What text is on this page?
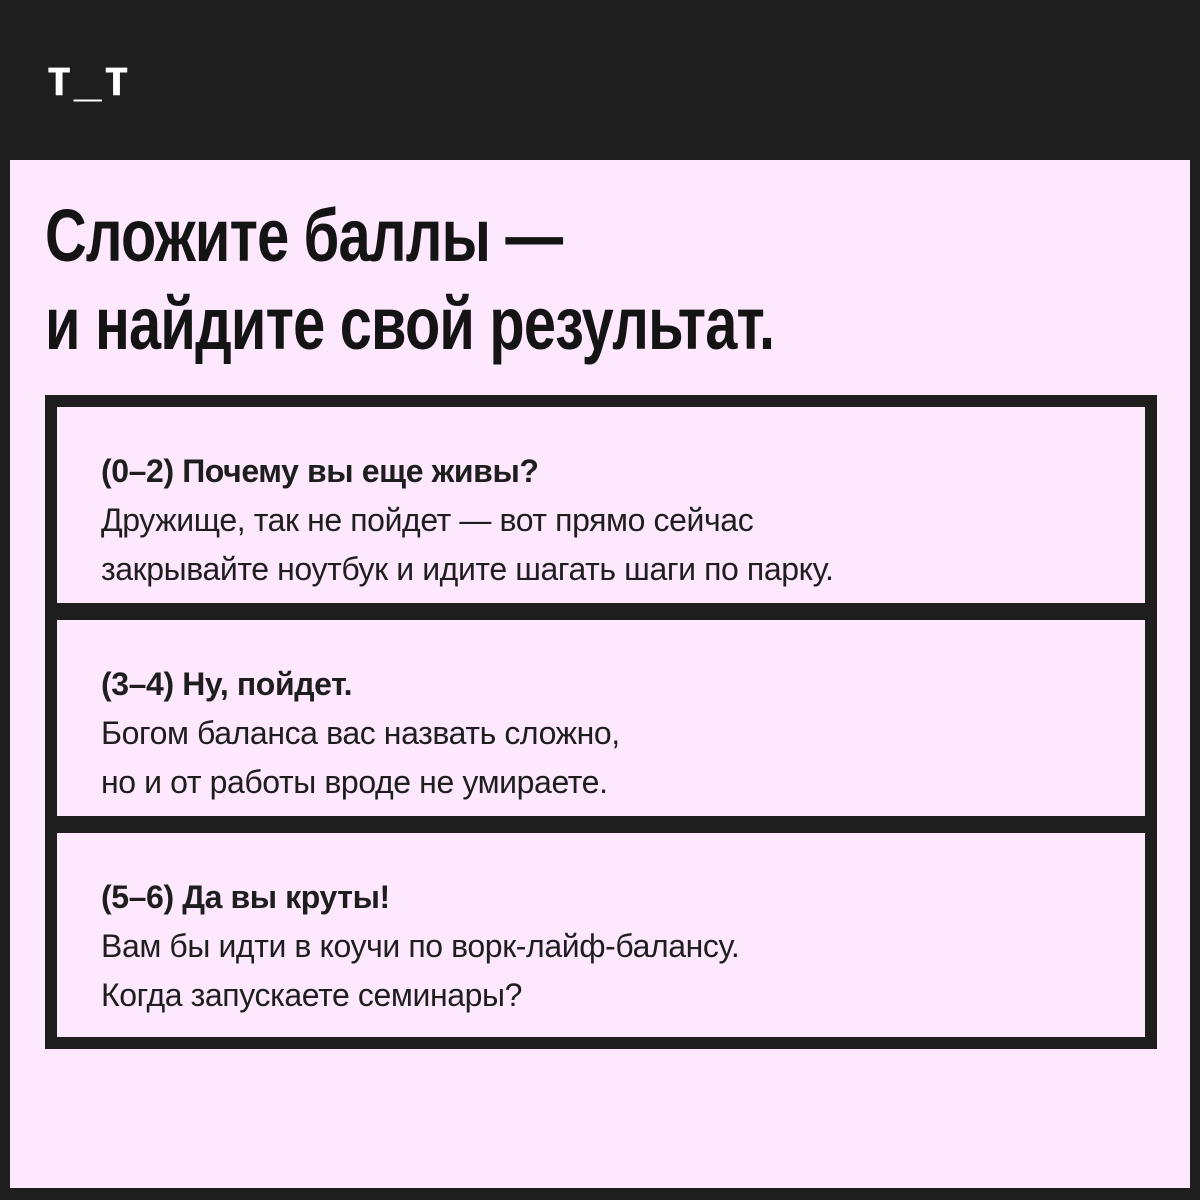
т_т
Сложите баллы —
и найдите свой результат.
(0–2) Почему вы еще живы?
Дружище, так не пойдет — вот прямо сейчас
закрывайте ноутбук и идите шагать шаги по парку.
(3–4) Ну, пойдет.
Богом баланса вас назвать сложно,
но и от работы вроде не умираете.
(5–6) Да вы круты!
Вам бы идти в коучи по ворк-лайф-балансу.
Когда запускаете семинары?
